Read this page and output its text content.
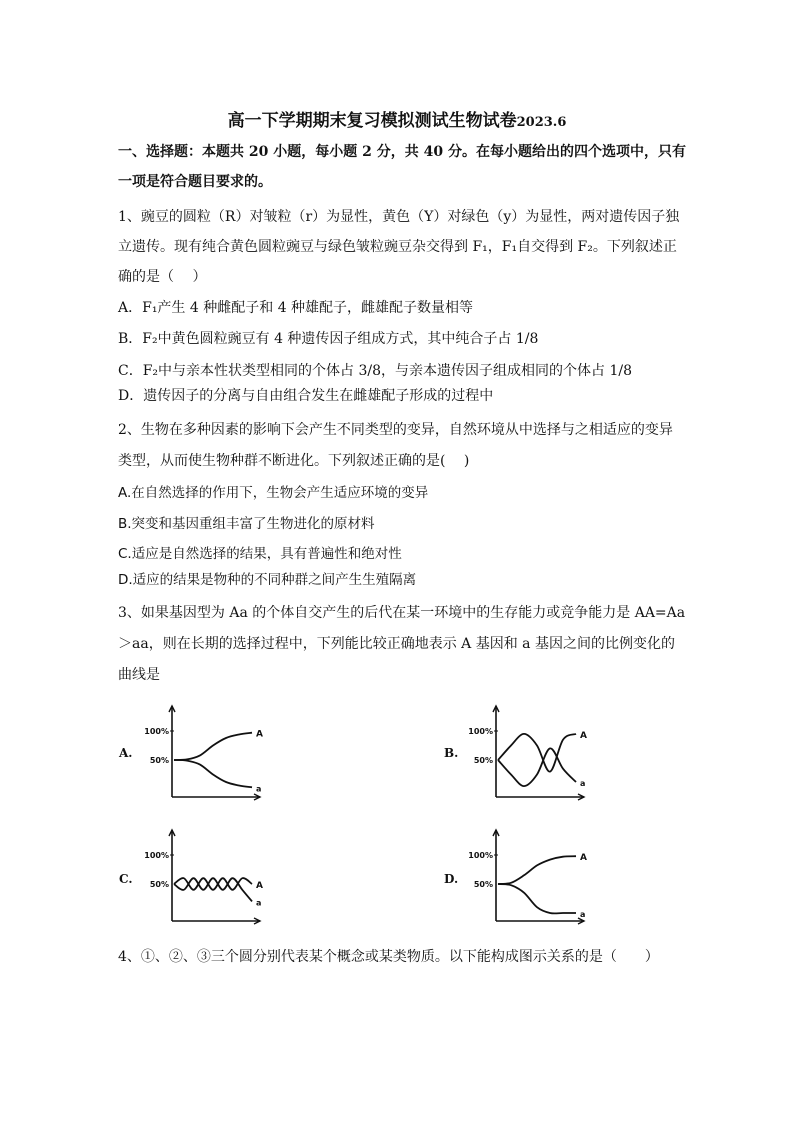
高一下学期期末复习模拟测试生物试卷2023.6
一、选择题：本题共 20 小题，每小题 2 分，共 40 分。在每小题给出的四个选项中，只有
一项是符合题目要求的。
1、豌豆的圆粒（R）对皱粒（r）为显性，黄色（Y）对绿色（y）为显性，两对遗传因子独
立遗传。现有纯合黄色圆粒豌豆与绿色皱粒豌豆杂交得到 F₁，F₁自交得到 F₂。下列叙述正
确的是（　 ）
A．F₁产生 4 种雌配子和 4 种雄配子，雌雄配子数量相等
B．F₂中黄色圆粒豌豆有 4 种遗传因子组成方式，其中纯合子占 1/8
C．F₂中与亲本性状类型相同的个体占 3/8，与亲本遗传因子组成相同的个体占 1/8
D．遗传因子的分离与自由组合发生在雌雄配子形成的过程中
2、生物在多种因素的影响下会产生不同类型的变异，自然环境从中选择与之相适应的变异
类型，从而使生物种群不断进化。下列叙述正确的是(　 )
A.在自然选择的作用下，生物会产生适应环境的变异
B.突变和基因重组丰富了生物进化的原材料
C.适应是自然选择的结果，具有普遍性和绝对性
D.适应的结果是物种的不同种群之间产生生殖隔离
3、如果基因型为 Aa 的个体自交产生的后代在某一环境中的生存能力或竞争能力是 AA=Aa
＞aa，则在长期的选择过程中，下列能比较正确地表示 A 基因和 a 基因之间的比例变化的
曲线是
A.	B.
C.	D.
100%
50%
A
a
100%
50%
A
a
100%
50%	A
a
100%
50%
A
a
4、①、②、③三个圆分别代表某个概念或某类物质。以下能构成图示关系的是（　　）
